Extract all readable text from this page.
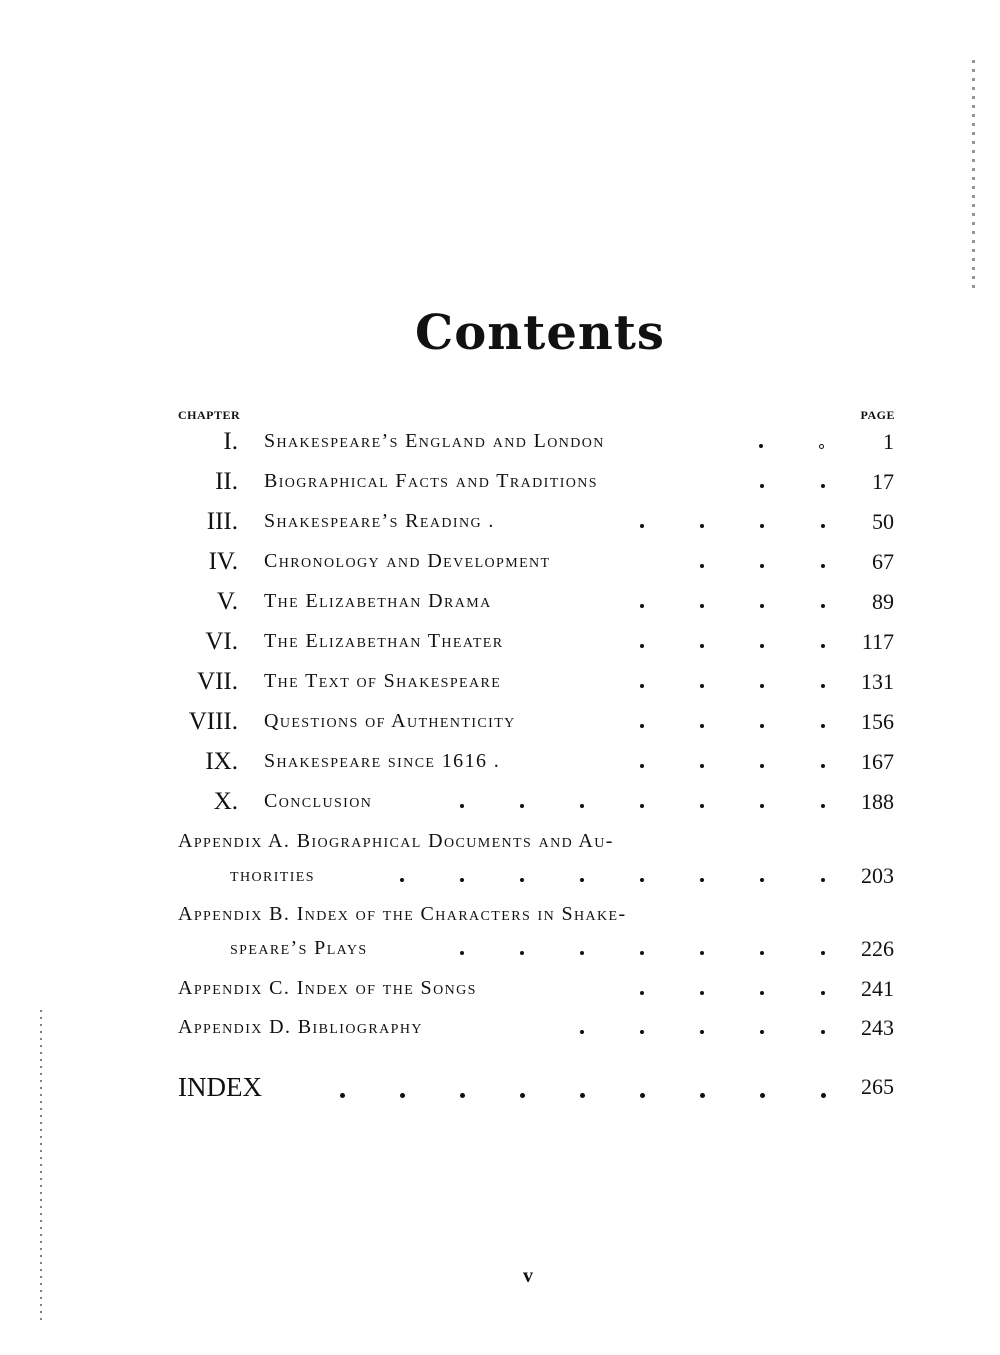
Contents
CHAPTER	PAGE
I. Shakespeare’s England and London	1
II. Biographical Facts and Traditions	17
III. Shakespeare’s Reading .	50
IV. Chronology and Development	67
V. The Elizabethan Drama	89
VI. The Elizabethan Theater	117
VII. The Text of Shakespeare	131
VIII. Questions of Authenticity	156
IX. Shakespeare since 1616 .	167
X. Conclusion	188
Appendix A. Biographical Documents and Au-
thorities	203
Appendix B. Index of the Characters in Shake-
speare’s Plays	226
Appendix C. Index of the Songs	241
Appendix D. Bibliography	243
INDEX	265
v
